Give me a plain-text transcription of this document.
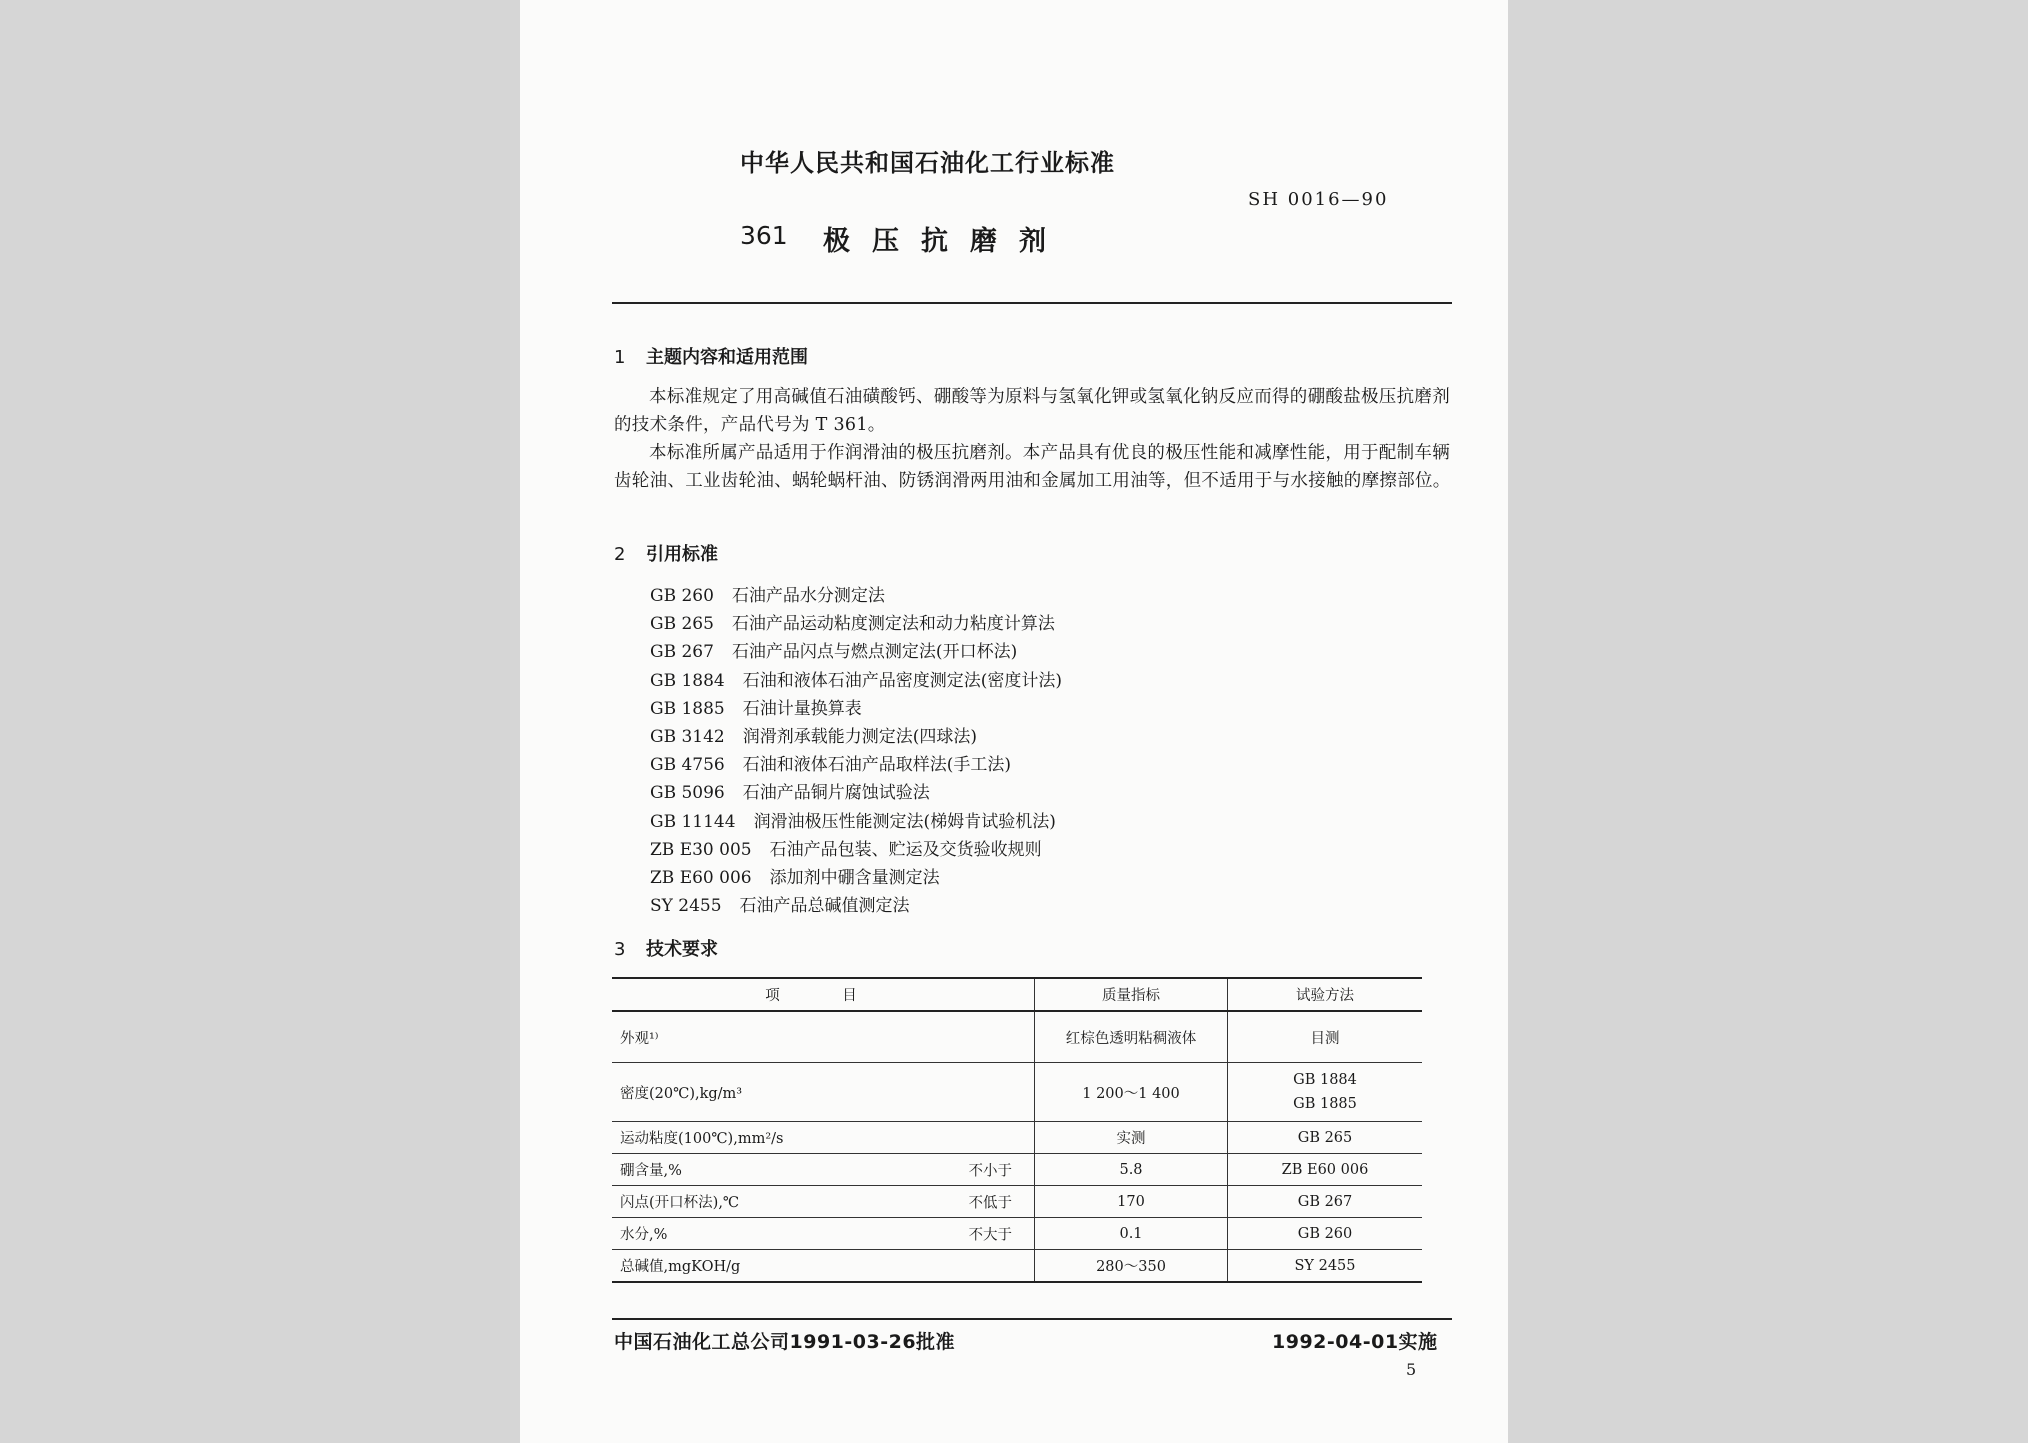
中华人民共和国石油化工行业标准
SH 0016—90
361 极压抗磨剂
1 主题内容和适用范围
本标准规定了用高碱值石油磺酸钙、硼酸等为原料与氢氧化钾或氢氧化钠反应而得的硼酸盐极压抗磨剂的技术条件，产品代号为 T 361。
本标准所属产品适用于作润滑油的极压抗磨剂。本产品具有优良的极压性能和减摩性能，用于配制车辆齿轮油、工业齿轮油、蜗轮蜗杆油、防锈润滑两用油和金属加工用油等，但不适用于与水接触的摩擦部位。
2 引用标准
GB 260 石油产品水分测定法
GB 265 石油产品运动粘度测定法和动力粘度计算法
GB 267 石油产品闪点与燃点测定法(开口杯法)
GB 1884 石油和液体石油产品密度测定法(密度计法)
GB 1885 石油计量换算表
GB 3142 润滑剂承载能力测定法(四球法)
GB 4756 石油和液体石油产品取样法(手工法)
GB 5096 石油产品铜片腐蚀试验法
GB 11144 润滑油极压性能测定法(梯姆肯试验机法)
ZB E30 005 石油产品包装、贮运及交货验收规则
ZB E60 006 添加剂中硼含量测定法
SY 2455 石油产品总碱值测定法
3 技术要求
项　目	质量指标	试验方法
外观¹⁾	红棕色透明粘稠液体	目测
密度(20℃),kg/m³	1 200～1 400	GB 1884
GB 1885

运动粘度(100℃),mm²/s	实测	GB 265
硼含量,% 不小于	5.8	ZB E60 006
闪点(开口杯法),℃ 不低于	170	GB 267
水分,% 不大于	0.1	GB 260
总碱值,mgKOH/g	280～350	SY 2455
中国石油化工总公司1991-03-26批准	1992-04-01实施
5
